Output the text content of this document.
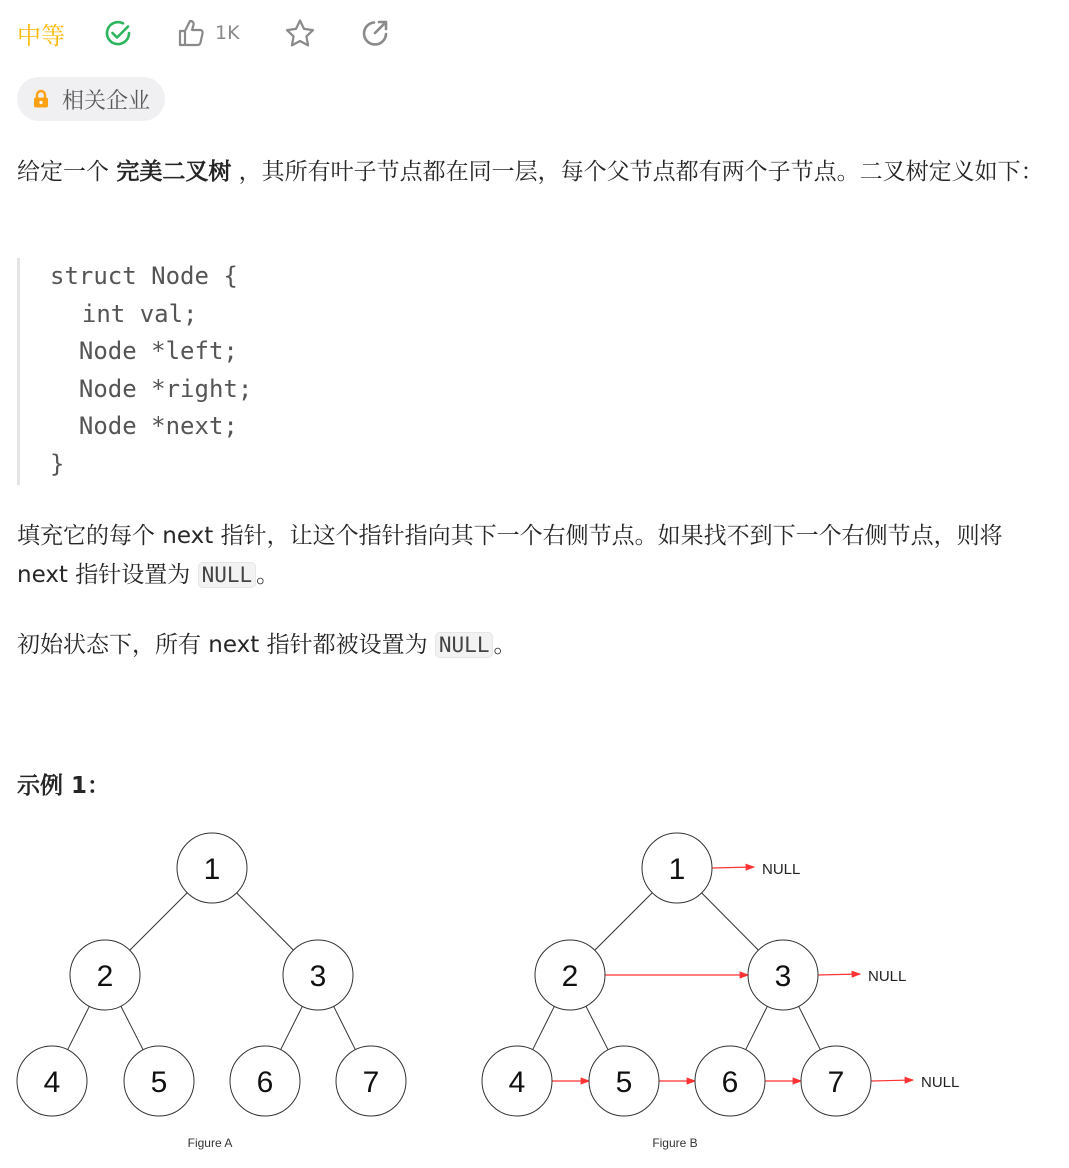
中等	1K
相关企业

给定一个 完美二叉树 ，其所有叶子节点都在同一层，每个父节点都有两个子节点。二叉树定义如下：

struct Node {
int val;
Node *left;
Node *right;
Node *next;
}

填充它的每个 next 指针，让这个指针指向其下一个右侧节点。如果找不到下一个右侧节点，则将 next 指针设置为 NULL 。

初始状态下，所有 next 指针都被设置为 NULL 。

示例 1：
1
2	3
4	5	6	7
Figure A
NULL
NULL
NULL
1
2	3
4	5	6	7
Figure B
